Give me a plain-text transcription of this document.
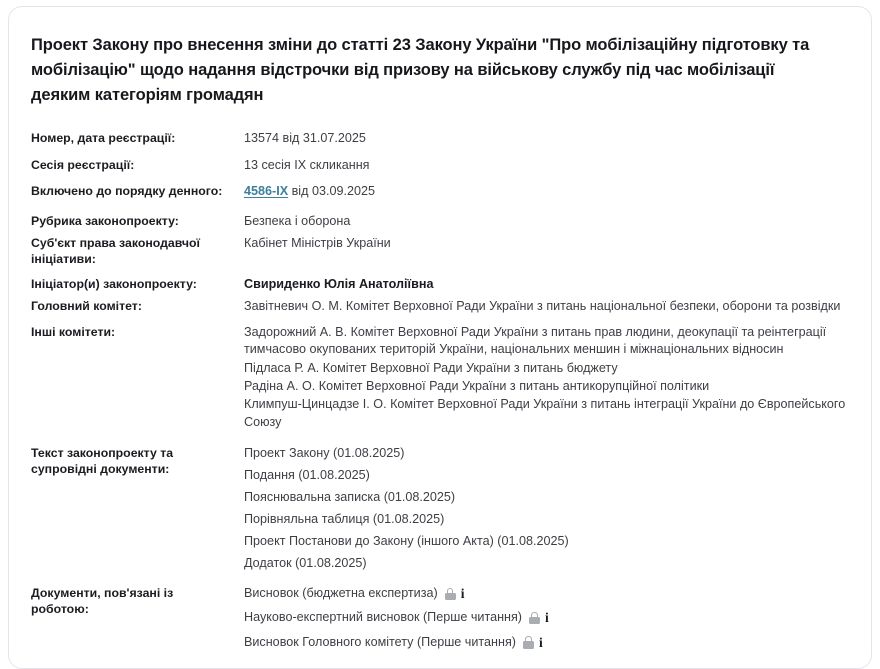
Проект Закону про внесення зміни до статті 23 Закону України "Про мобілізаційну підготовку та мобілізацію" щодо надання відстрочки від призову на військову службу під час мобілізації деяким категоріям громадян
Номер, дата реєстрації:	13574 від 31.07.2025
Сесія реєстрації:	13 сесія IX скликання
Включено до порядку денного:	4586-IX від 03.09.2025
Рубрика законопроекту:	Безпека і оборона
Суб'єкт права законодавчої ініціативи:
Кабінет Міністрів України
Ініціатор(и) законопроекту:	Свириденко Юлія Анатоліївна
Головний комітет:	Завітневич О. М. Комітет Верховної Ради України з питань національної безпеки, оборони та розвідки
Інші комітети:	Задорожний А. В. Комітет Верховної Ради України з питань прав людини, деокупації та реінтеграції тимчасово окупованих територій України, національних меншин і міжнаціональних відносин
Підласа Р. А. Комітет Верховної Ради України з питань бюджету
Радіна А. О. Комітет Верховної Ради України з питань антикорупційної політики
Климпуш-Цинцадзе І. О. Комітет Верховної Ради України з питань інтеграції України до Європейського Союзу
Текст законопроекту та супровідні документи:
Проект Закону (01.08.2025)
Подання (01.08.2025)
Пояснювальна записка (01.08.2025)
Порівняльна таблиця (01.08.2025)
Проект Постанови до Закону (іншого Акта) (01.08.2025)
Додаток (01.08.2025)
Документи, пов'язані із роботою:
Висновок (бюджетна експертиза) i
Науково-експертний висновок (Перше читання) i
Висновок Головного комітету (Перше читання) i
